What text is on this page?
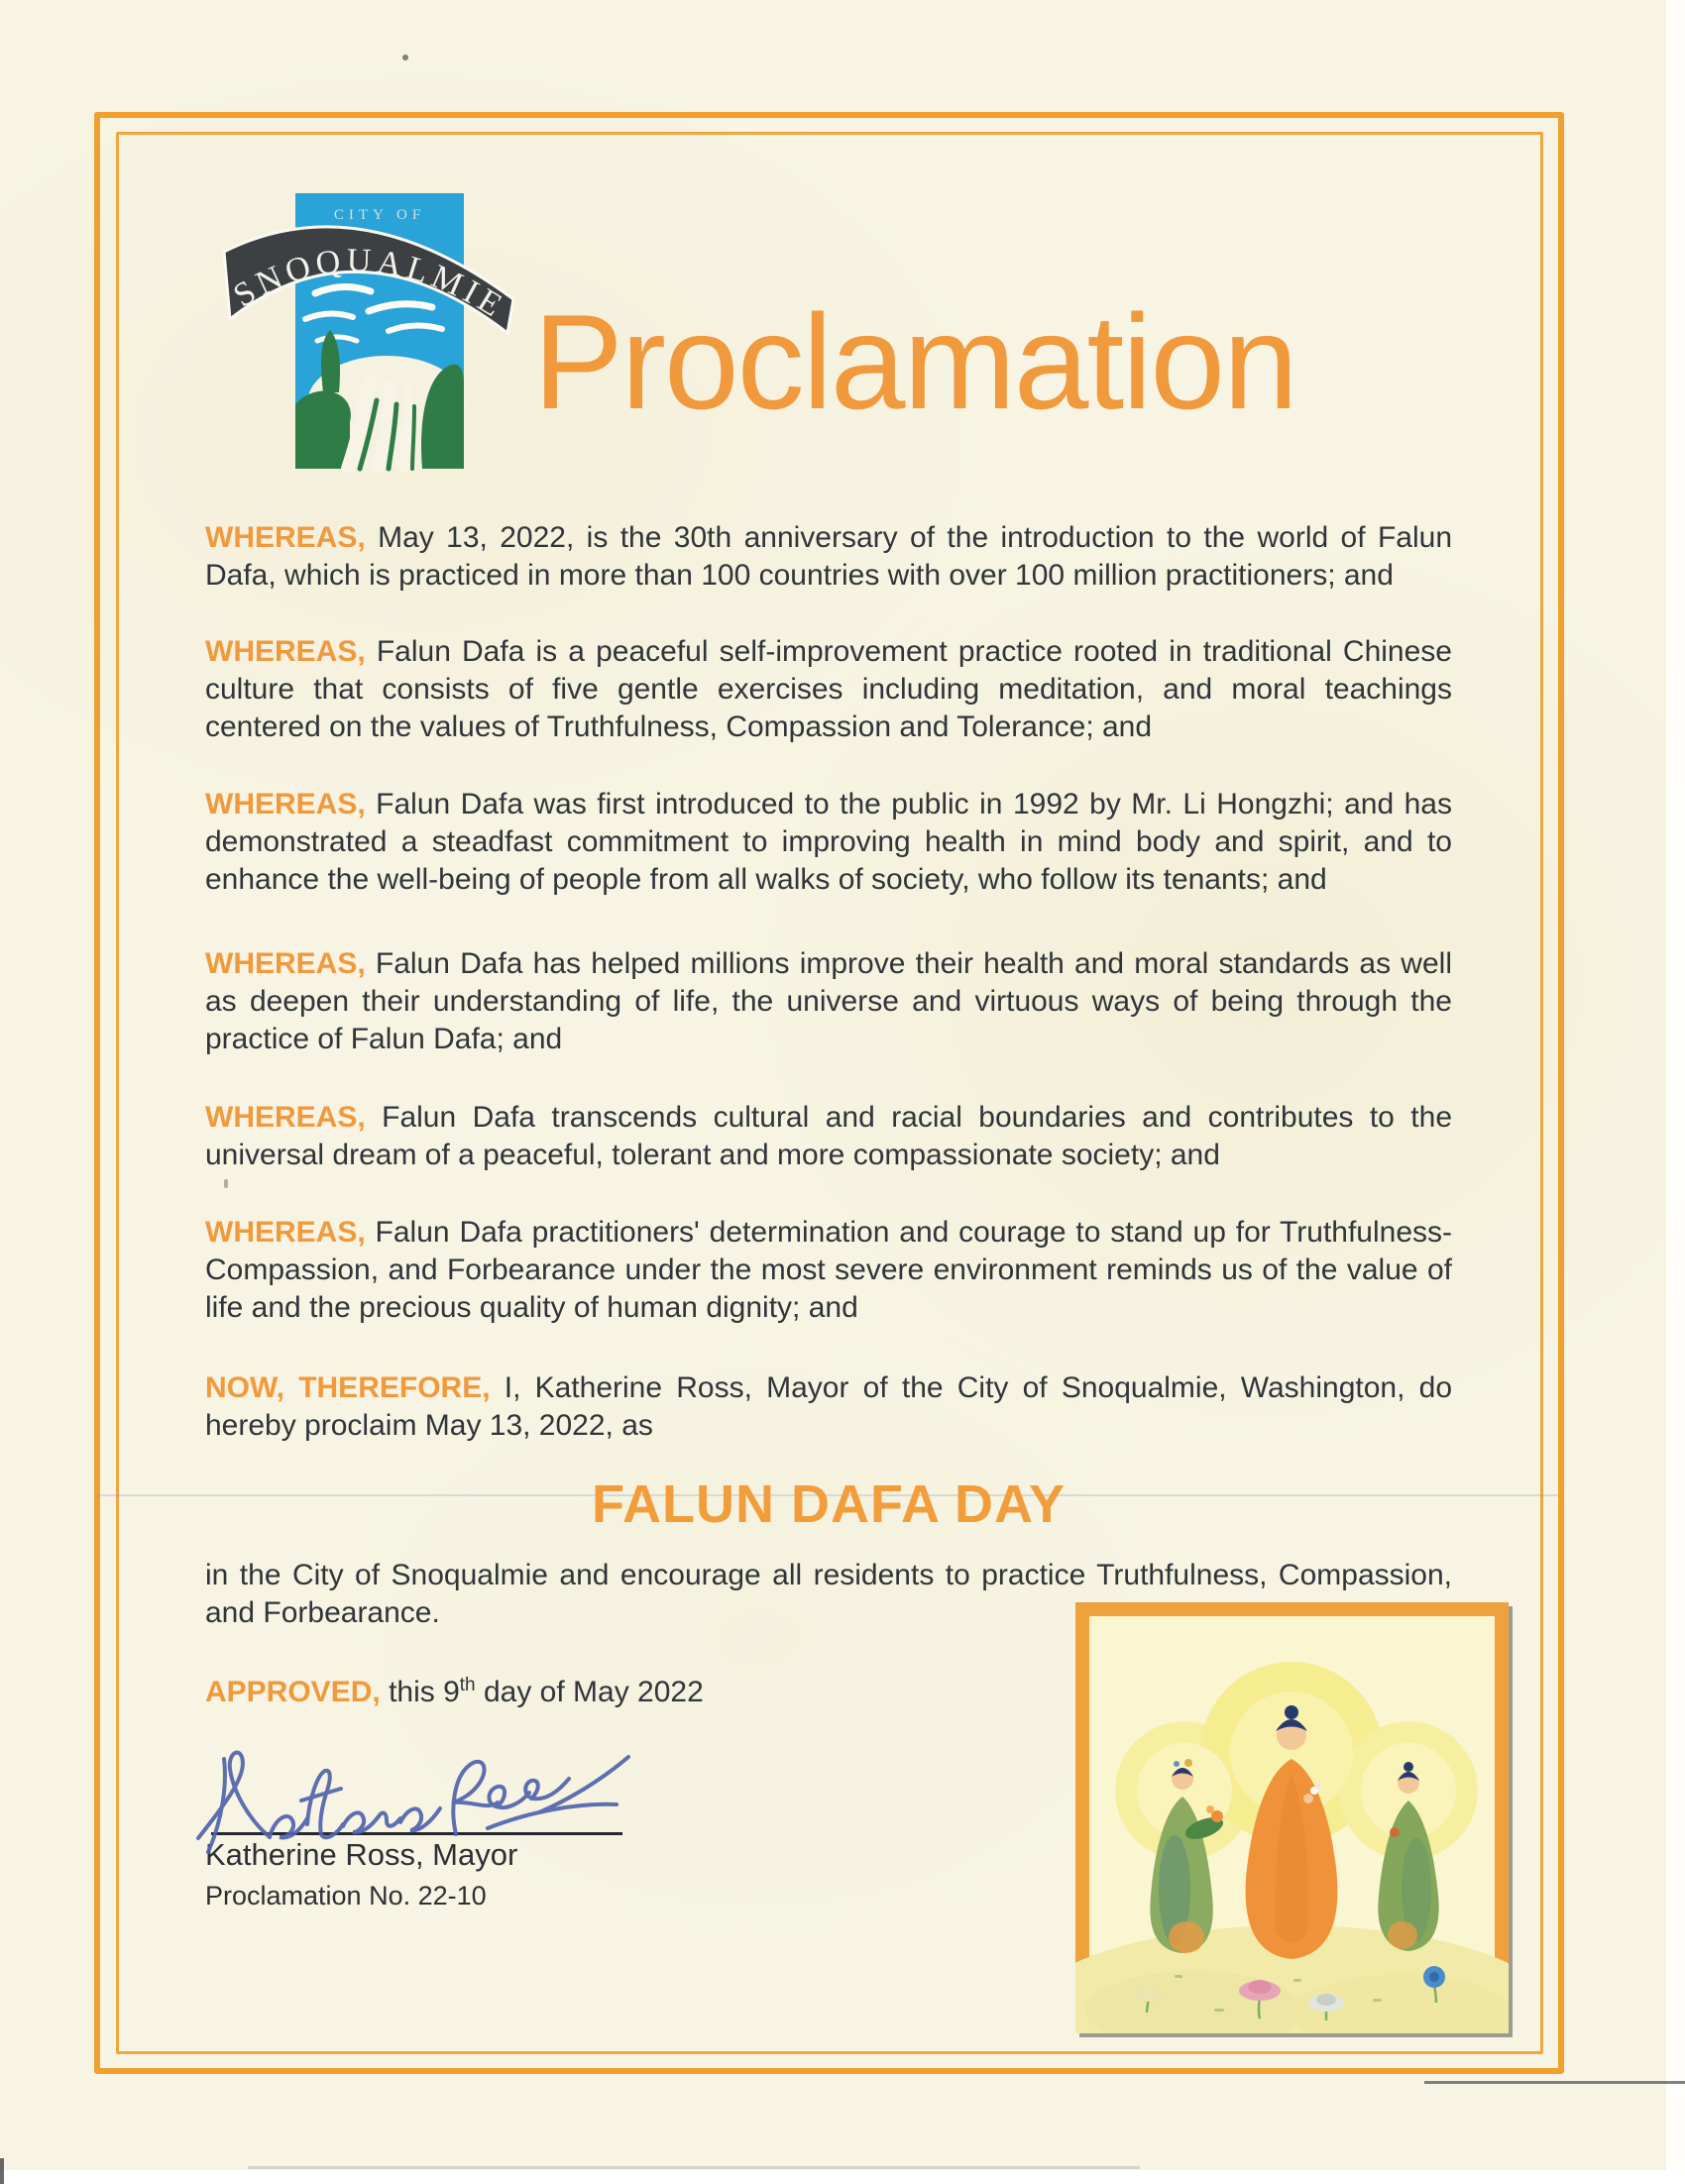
CITY OF
SNOQUALMIE Proclamation
WHEREAS, May 13, 2022, is the 30th anniversary of the introduction to the world of Falun Dafa, which is practiced in more than 100 countries with over 100 million practitioners; and
WHEREAS, Falun Dafa is a peaceful self-improvement practice rooted in traditional Chinese culture that consists of five gentle exercises including meditation, and moral teachings centered on the values of Truthfulness, Compassion and Tolerance; and
WHEREAS, Falun Dafa was first introduced to the public in 1992 by Mr. Li Hongzhi; and has demonstrated a steadfast commitment to improving health in mind body and spirit, and to enhance the well-being of people from all walks of society, who follow its tenants; and
WHEREAS, Falun Dafa has helped millions improve their health and moral standards as well as deepen their understanding of life, the universe and virtuous ways of being through the practice of Falun Dafa; and
WHEREAS, Falun Dafa transcends cultural and racial boundaries and contributes to the universal dream of a peaceful, tolerant and more compassionate society; and
WHEREAS, Falun Dafa practitioners' determination and courage to stand up for Truthfulness-Compassion, and Forbearance under the most severe environment reminds us of the value of life and the precious quality of human dignity; and
NOW, THEREFORE, I, Katherine Ross, Mayor of the City of Snoqualmie, Washington, do hereby proclaim May 13, 2022, as
FALUN DAFA DAY
in the City of Snoqualmie and encourage all residents to practice Truthfulness, Compassion, and Forbearance.
APPROVED, this 9th day of May 2022
Katherine Ross, Mayor
Proclamation No. 22-10
